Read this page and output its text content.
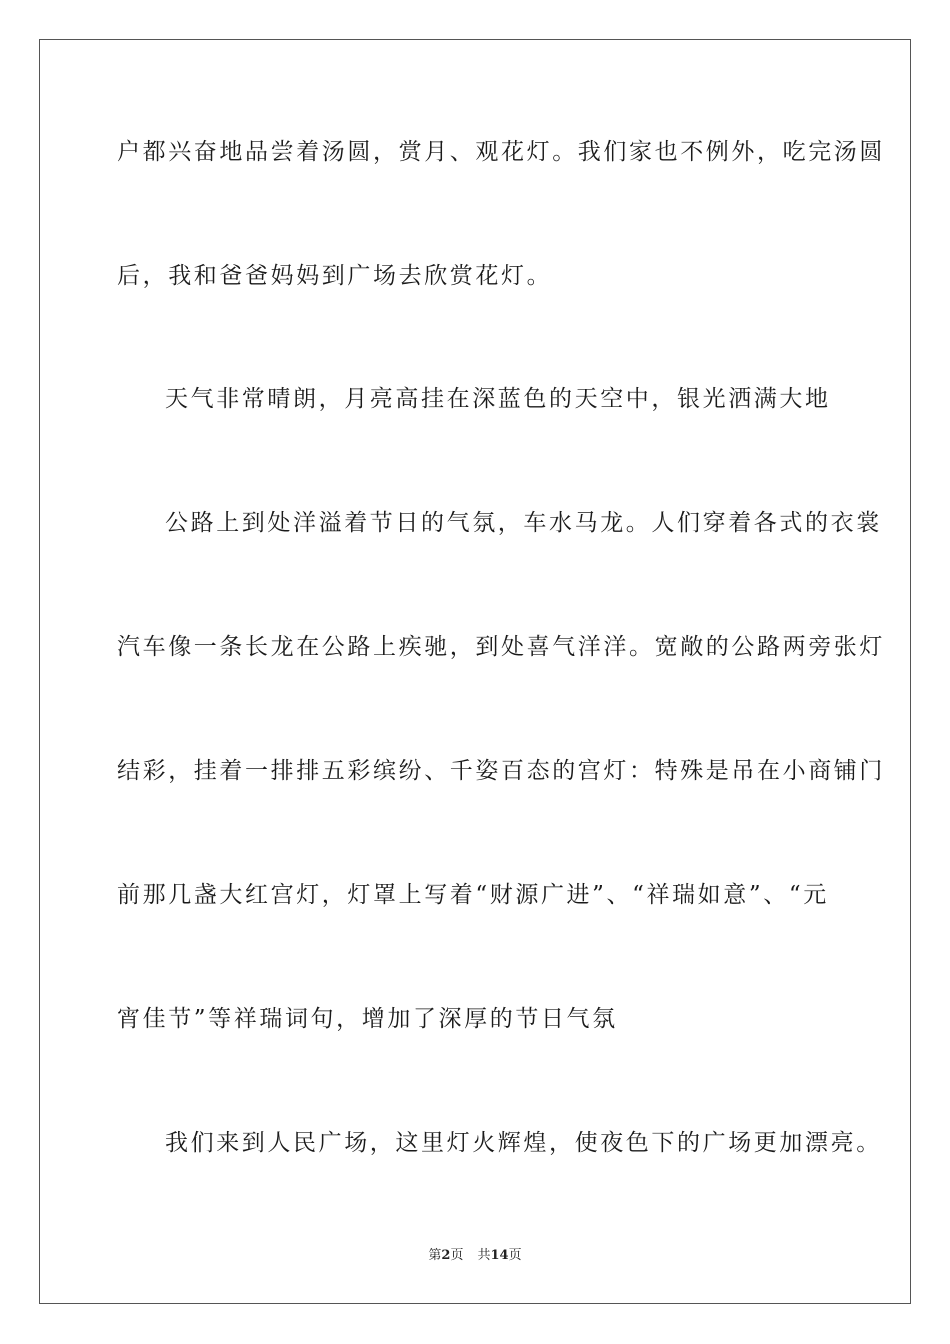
户都兴奋地品尝着汤圆，赏月、观花灯。我们家也不例外，吃完汤圆
后，我和爸爸妈妈到广场去欣赏花灯。
天气非常晴朗，月亮高挂在深蓝色的天空中，银光洒满大地
公路上到处洋溢着节日的气氛，车水马龙。人们穿着各式的衣裳
汽车像一条长龙在公路上疾驰，到处喜气洋洋。宽敞的公路两旁张灯
结彩，挂着一排排五彩缤纷、千姿百态的宫灯：特殊是吊在小商铺门
前那几盏大红宫灯，灯罩上写着“财源广进”、“祥瑞如意”、“元
宵佳节”等祥瑞词句，增加了深厚的节日气氛
我们来到人民广场，这里灯火辉煌，使夜色下的广场更加漂亮。
第2页 共14页
